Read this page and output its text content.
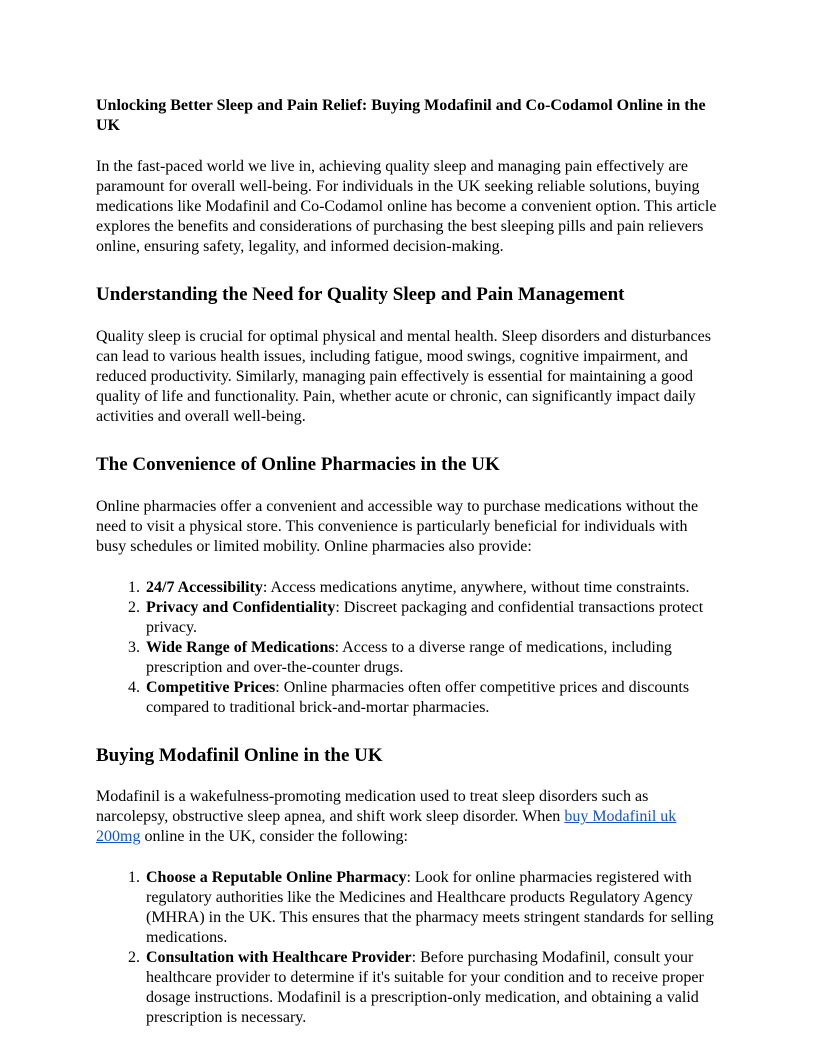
Unlocking Better Sleep and Pain Relief: Buying Modafinil and Co-Codamol Online in the UK

In the fast-paced world we live in, achieving quality sleep and managing pain effectively are paramount for overall well-being. For individuals in the UK seeking reliable solutions, buying medications like Modafinil and Co-Codamol online has become a convenient option. This article explores the benefits and considerations of purchasing the best sleeping pills and pain relievers online, ensuring safety, legality, and informed decision-making.

Understanding the Need for Quality Sleep and Pain Management

Quality sleep is crucial for optimal physical and mental health. Sleep disorders and disturbances can lead to various health issues, including fatigue, mood swings, cognitive impairment, and reduced productivity. Similarly, managing pain effectively is essential for maintaining a good quality of life and functionality. Pain, whether acute or chronic, can significantly impact daily activities and overall well-being.

The Convenience of Online Pharmacies in the UK

Online pharmacies offer a convenient and accessible way to purchase medications without the need to visit a physical store. This convenience is particularly beneficial for individuals with busy schedules or limited mobility. Online pharmacies also provide:

1. 24/7 Accessibility: Access medications anytime, anywhere, without time constraints.
2. Privacy and Confidentiality: Discreet packaging and confidential transactions protect privacy.
3. Wide Range of Medications: Access to a diverse range of medications, including prescription and over-the-counter drugs.
4. Competitive Prices: Online pharmacies often offer competitive prices and discounts compared to traditional brick-and-mortar pharmacies.
Buying Modafinil Online in the UK

Modafinil is a wakefulness-promoting medication used to treat sleep disorders such as narcolepsy, obstructive sleep apnea, and shift work sleep disorder. When buy Modafinil uk 200mg online in the UK, consider the following:

1. Choose a Reputable Online Pharmacy: Look for online pharmacies registered with regulatory authorities like the Medicines and Healthcare products Regulatory Agency (MHRA) in the UK. This ensures that the pharmacy meets stringent standards for selling medications.
2. Consultation with Healthcare Provider: Before purchasing Modafinil, consult your healthcare provider to determine if it's suitable for your condition and to receive proper dosage instructions. Modafinil is a prescription-only medication, and obtaining a valid prescription is necessary.
